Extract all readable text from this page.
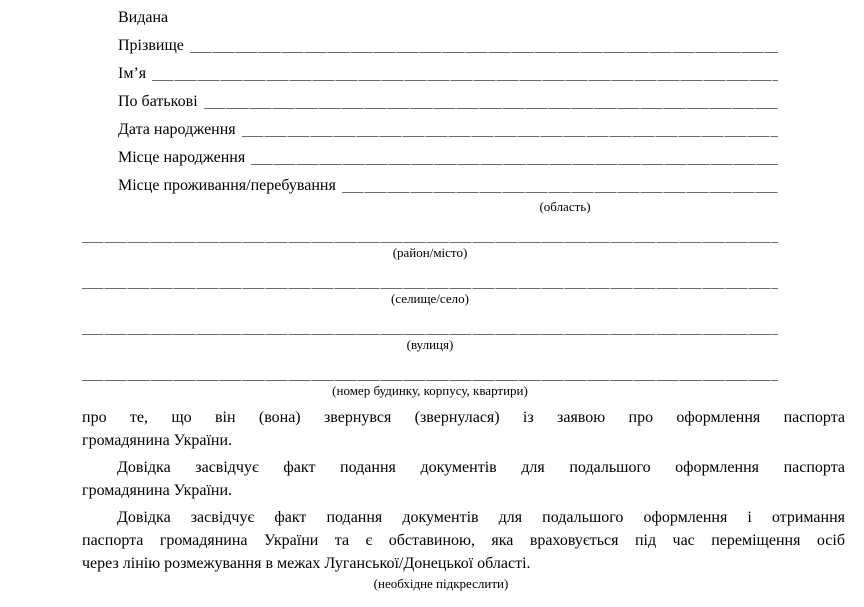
Видана
Прізвище
Ім’я
По батькові
Дата народження
Місце народження
Місце проживання/перебування
(область)
(район/місто)
(селище/село)
(вулиця)
(номер будинку, корпусу, квартири)

про те, що він (вона) звернувся (звернулася) із заявою про оформлення паспорта
громадянина України.

Довідка засвідчує факт подання документів для подальшого оформлення паспорта
громадянина України.

Довідка засвідчує факт подання документів для подальшого оформлення і отримання
паспорта громадянина України та є обставиною, яка враховується під час переміщення осіб
через лінію розмежування в межах Луганської/Донецької області.

(необхідне підкреслити)
